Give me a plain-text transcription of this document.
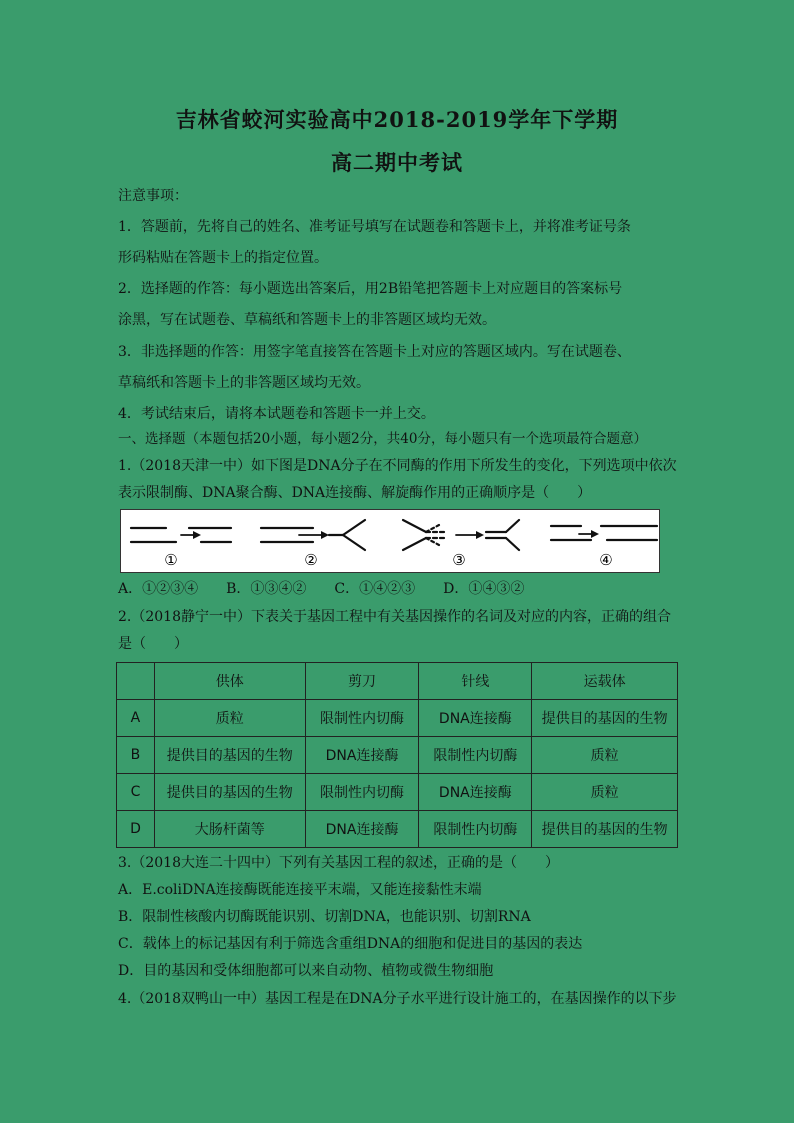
吉林省蛟河实验高中2018-2019学年下学期
高二期中考试
注意事项：
1．答题前，先将自己的姓名、准考证号填写在试题卷和答题卡上，并将准考证号条
形码粘贴在答题卡上的指定位置。
2．选择题的作答：每小题选出答案后，用2B铅笔把答题卡上对应题目的答案标号
涂黑，写在试题卷、草稿纸和答题卡上的非答题区域均无效。
3．非选择题的作答：用签字笔直接答在答题卡上对应的答题区域内。写在试题卷、
草稿纸和答题卡上的非答题区域均无效。
4．考试结束后，请将本试题卷和答题卡一并上交。
一、选择题（本题包括20小题，每小题2分，共40分，每小题只有一个选项最符合题意）
1.（2018天津一中）如下图是DNA分子在不同酶的作用下所发生的变化，下列选项中依次
表示限制酶、DNA聚合酶、DNA连接酶、解旋酶作用的正确顺序是（　　）
①	②	③	④
A．①②③④　　B．①③④②　　C．①④②③　　D．①④③②
2.（2018静宁一中）下表关于基因工程中有关基因操作的名词及对应的内容，正确的组合
是（　　）
	供体	剪刀	针线	运载体
A	质粒	限制性内切酶	DNA连接酶	提供目的基因的生物
B	提供目的基因的生物	DNA连接酶	限制性内切酶	质粒
C	提供目的基因的生物	限制性内切酶	DNA连接酶	质粒
D	大肠杆菌等	DNA连接酶	限制性内切酶	提供目的基因的生物
3.（2018大连二十四中）下列有关基因工程的叙述，正确的是（　　）
A．E.coliDNA连接酶既能连接平末端，又能连接黏性末端
B．限制性核酸内切酶既能识别、切割DNA，也能识别、切割RNA
C．载体上的标记基因有利于筛选含重组DNA的细胞和促进目的基因的表达
D．目的基因和受体细胞都可以来自动物、植物或微生物细胞
4.（2018双鸭山一中）基因工程是在DNA分子水平进行设计施工的，在基因操作的以下步
